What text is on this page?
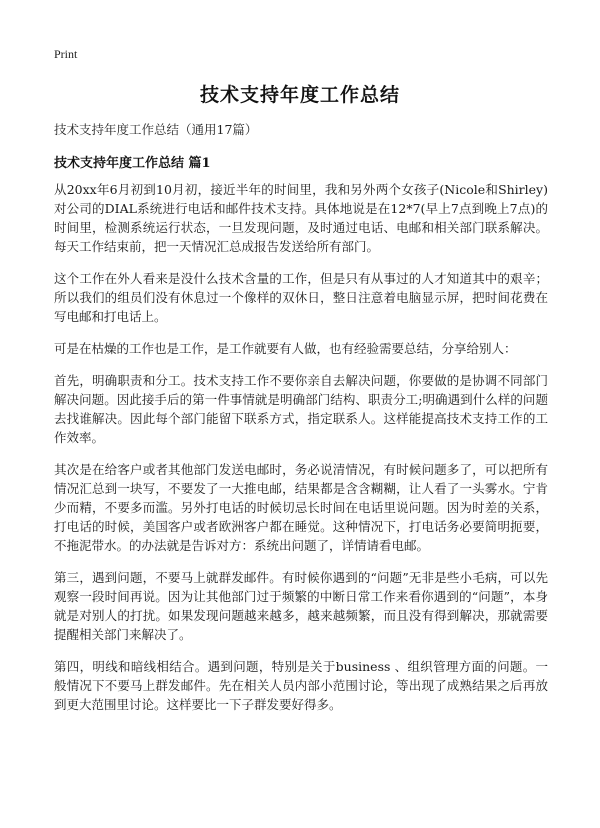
Print
技术支持年度工作总结
技术支持年度工作总结（通用17篇）
技术支持年度工作总结 篇1

从20xx年6月初到10月初，接近半年的时间里，我和另外两个女孩子(Nicole和Shirley) 对公司的DIAL系统进行电话和邮件技术支持。具体地说是在12*7(早上7点到晚上7点)的时间里，检测系统运行状态，一旦发现问题，及时通过电话、电邮和相关部门联系解决。每天工作结束前，把一天情况汇总成报告发送给所有部门。

这个工作在外人看来是没什么技术含量的工作，但是只有从事过的人才知道其中的艰辛；所以我们的组员们没有休息过一个像样的双休日，整日注意着电脑显示屏，把时间花费在写电邮和打电话上。

可是在枯燥的工作也是工作，是工作就要有人做，也有经验需要总结，分享给别人：

首先，明确职责和分工。技术支持工作不要你亲自去解决问题，你要做的是协调不同部门解决问题。因此接手后的第一件事情就是明确部门结构、职责分工;明确遇到什么样的问题去找谁解决。因此每个部门能留下联系方式，指定联系人。这样能提高技术支持工作的工作效率。

其次是在给客户或者其他部门发送电邮时，务必说清情况，有时候问题多了，可以把所有情况汇总到一块写，不要发了一大推电邮，结果都是含含糊糊，让人看了一头雾水。宁肯少而精，不要多而滥。另外打电话的时候切忌长时间在电话里说问题。因为时差的关系，打电话的时候，美国客户或者欧洲客户都在睡觉。这种情况下，打电话务必要简明扼要，不拖泥带水。的办法就是告诉对方：系统出问题了，详情请看电邮。

第三，遇到问题，不要马上就群发邮件。有时候你遇到的“问题”无非是些小毛病，可以先观察一段时间再说。因为让其他部门过于频繁的中断日常工作来看你遇到的“问题”，本身就是对别人的打扰。如果发现问题越来越多，越来越频繁，而且没有得到解决，那就需要提醒相关部门来解决了。

第四，明线和暗线相结合。遇到问题，特别是关于business 、组织管理方面的问题。一般情况下不要马上群发邮件。先在相关人员内部小范围讨论，等出现了成熟结果之后再放到更大范围里讨论。这样要比一下子群发要好得多。
